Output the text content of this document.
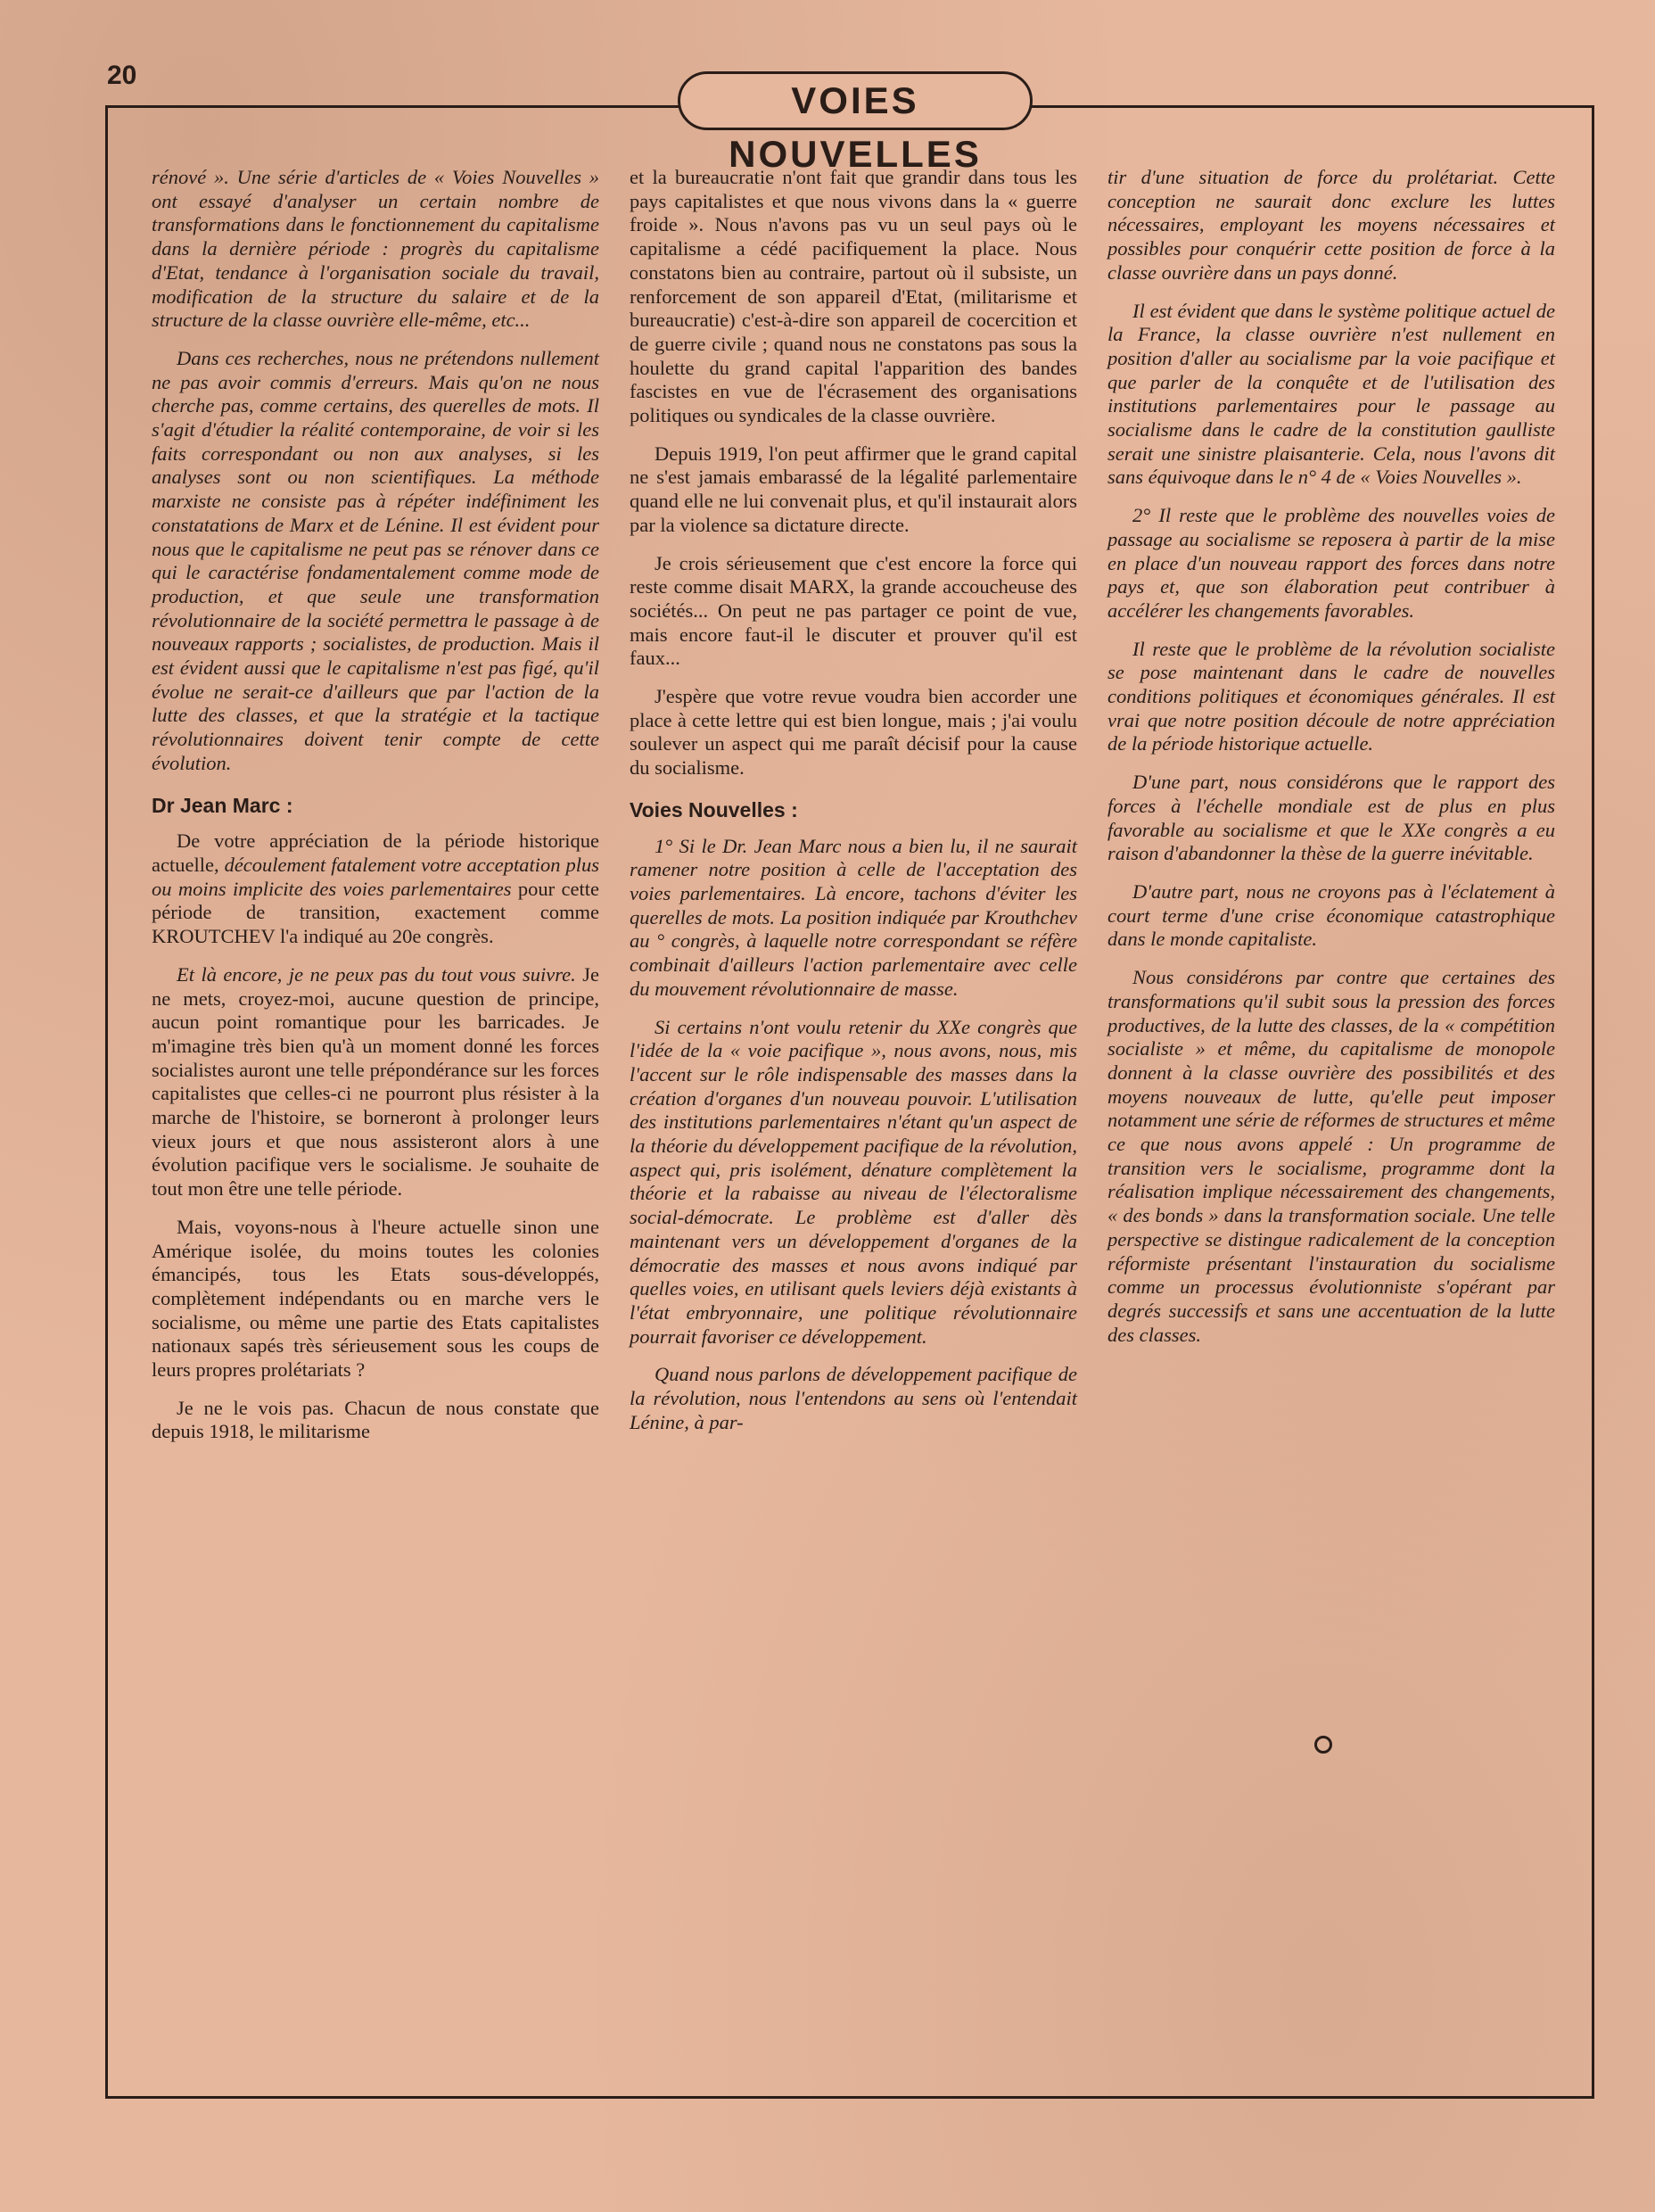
20
VOIES NOUVELLES

rénové ». Une série d'articles de « Voies Nouvelles » ont essayé d'analyser un certain nombre de transformations dans le fonctionnement du capitalisme dans la dernière période : progrès du capitalisme d'Etat, tendance à l'organisation sociale du travail, modification de la structure du salaire et de la structure de la classe ouvrière elle-même, etc...

Dans ces recherches, nous ne prétendons nullement ne pas avoir commis d'erreurs. Mais qu'on ne nous cherche pas, comme certains, des querelles de mots. Il s'agit d'étudier la réalité contemporaine, de voir si les faits correspondant ou non aux analyses, si les analyses sont ou non scientifiques. La méthode marxiste ne consiste pas à répéter indéfiniment les constatations de Marx et de Lénine. Il est évident pour nous que le capitalisme ne peut pas se rénover dans ce qui le caractérise fondamentalement comme mode de production, et que seule une transformation révolutionnaire de la société permettra le passage à de nouveaux rapports ; socialistes, de production. Mais il est évident aussi que le capitalisme n'est pas figé, qu'il évolue ne serait-ce d'ailleurs que par l'action de la lutte des classes, et que la stratégie et la tactique révolutionnaires doivent tenir compte de cette évolution.

Dr Jean Marc :

De votre appréciation de la période historique actuelle, découlement fatalement votre acceptation plus ou moins implicite des voies parlementaires pour cette période de transition, exactement comme KROUTCHEV l'a indiqué au 20e congrès.

Et là encore, je ne peux pas du tout vous suivre. Je ne mets, croyez-moi, aucune question de principe, aucun point romantique pour les barricades. Je m'imagine très bien qu'à un moment donné les forces socialistes auront une telle prépondérance sur les forces capitalistes que celles-ci ne pourront plus résister à la marche de l'histoire, se borneront à prolonger leurs vieux jours et que nous assisteront alors à une évolution pacifique vers le socialisme. Je souhaite de tout mon être une telle période.

Mais, voyons-nous à l'heure actuelle sinon une Amérique isolée, du moins toutes les colonies émancipés, tous les Etats sous-développés, complètement indépendants ou en marche vers le socialisme, ou même une partie des Etats capitalistes nationaux sapés très sérieusement sous les coups de leurs propres prolétariats ?

Je ne le vois pas. Chacun de nous constate que depuis 1918, le militarisme

et la bureaucratie n'ont fait que grandir dans tous les pays capitalistes et que nous vivons dans la « guerre froide ». Nous n'avons pas vu un seul pays où le capitalisme a cédé pacifiquement la place. Nous constatons bien au contraire, partout où il subsiste, un renforcement de son appareil d'Etat, (militarisme et bureaucratie) c'est-à-dire son appareil de cocercition et de guerre civile ; quand nous ne constatons pas sous la houlette du grand capital l'apparition des bandes fascistes en vue de l'écrasement des organisations politiques ou syndicales de la classe ouvrière.

Depuis 1919, l'on peut affirmer que le grand capital ne s'est jamais embarassé de la légalité parlementaire quand elle ne lui convenait plus, et qu'il instaurait alors par la violence sa dictature directe.

Je crois sérieusement que c'est encore la force qui reste comme disait MARX, la grande accoucheuse des sociétés... On peut ne pas partager ce point de vue, mais encore faut-il le discuter et prouver qu'il est faux...

J'espère que votre revue voudra bien accorder une place à cette lettre qui est bien longue, mais ; j'ai voulu soulever un aspect qui me paraît décisif pour la cause du socialisme.

Voies Nouvelles :

1° Si le Dr. Jean Marc nous a bien lu, il ne saurait ramener notre position à celle de l'acceptation des voies parlementaires. Là encore, tachons d'éviter les querelles de mots. La position indiquée par Krouthchev au ° congrès, à laquelle notre correspondant se réfère combinait d'ailleurs l'action parlementaire avec celle du mouvement révolutionnaire de masse.

Si certains n'ont voulu retenir du XXe congrès que l'idée de la « voie pacifique », nous avons, nous, mis l'accent sur le rôle indispensable des masses dans la création d'organes d'un nouveau pouvoir. L'utilisation des institutions parlementaires n'étant qu'un aspect de la théorie du développement pacifique de la révolution, aspect qui, pris isolément, dénature complètement la théorie et la rabaisse au niveau de l'électoralisme social-démocrate. Le problème est d'aller dès maintenant vers un développement d'organes de la démocratie des masses et nous avons indiqué par quelles voies, en utilisant quels leviers déjà existants à l'état embryonnaire, une politique révolutionnaire pourrait favoriser ce développement.

Quand nous parlons de développement pacifique de la révolution, nous l'entendons au sens où l'entendait Lénine, à par-

tir d'une situation de force du prolétariat. Cette conception ne saurait donc exclure les luttes nécessaires, employant les moyens nécessaires et possibles pour conquérir cette position de force à la classe ouvrière dans un pays donné.

Il est évident que dans le système politique actuel de la France, la classe ouvrière n'est nullement en position d'aller au socialisme par la voie pacifique et que parler de la conquête et de l'utilisation des institutions parlementaires pour le passage au socialisme dans le cadre de la constitution gaulliste serait une sinistre plaisanterie. Cela, nous l'avons dit sans équivoque dans le n° 4 de « Voies Nouvelles ».

2° Il reste que le problème des nouvelles voies de passage au socialisme se reposera à partir de la mise en place d'un nouveau rapport des forces dans notre pays et, que son élaboration peut contribuer à accélérer les changements favorables.

Il reste que le problème de la révolution socialiste se pose maintenant dans le cadre de nouvelles conditions politiques et économiques générales. Il est vrai que notre position découle de notre appréciation de la période historique actuelle.

D'une part, nous considérons que le rapport des forces à l'échelle mondiale est de plus en plus favorable au socialisme et que le XXe congrès a eu raison d'abandonner la thèse de la guerre inévitable.

D'autre part, nous ne croyons pas à l'éclatement à court terme d'une crise économique catastrophique dans le monde capitaliste.

Nous considérons par contre que certaines des transformations qu'il subit sous la pression des forces productives, de la lutte des classes, de la « compétition socialiste » et même, du capitalisme de monopole donnent à la classe ouvrière des possibilités et des moyens nouveaux de lutte, qu'elle peut imposer notamment une série de réformes de structures et même ce que nous avons appelé : Un programme de transition vers le socialisme, programme dont la réalisation implique nécessairement des changements, « des bonds » dans la transformation sociale. Une telle perspective se distingue radicalement de la conception réformiste présentant l'instauration du socialisme comme un processus évolutionniste s'opérant par degrés successifs et sans une accentuation de la lutte des classes.
